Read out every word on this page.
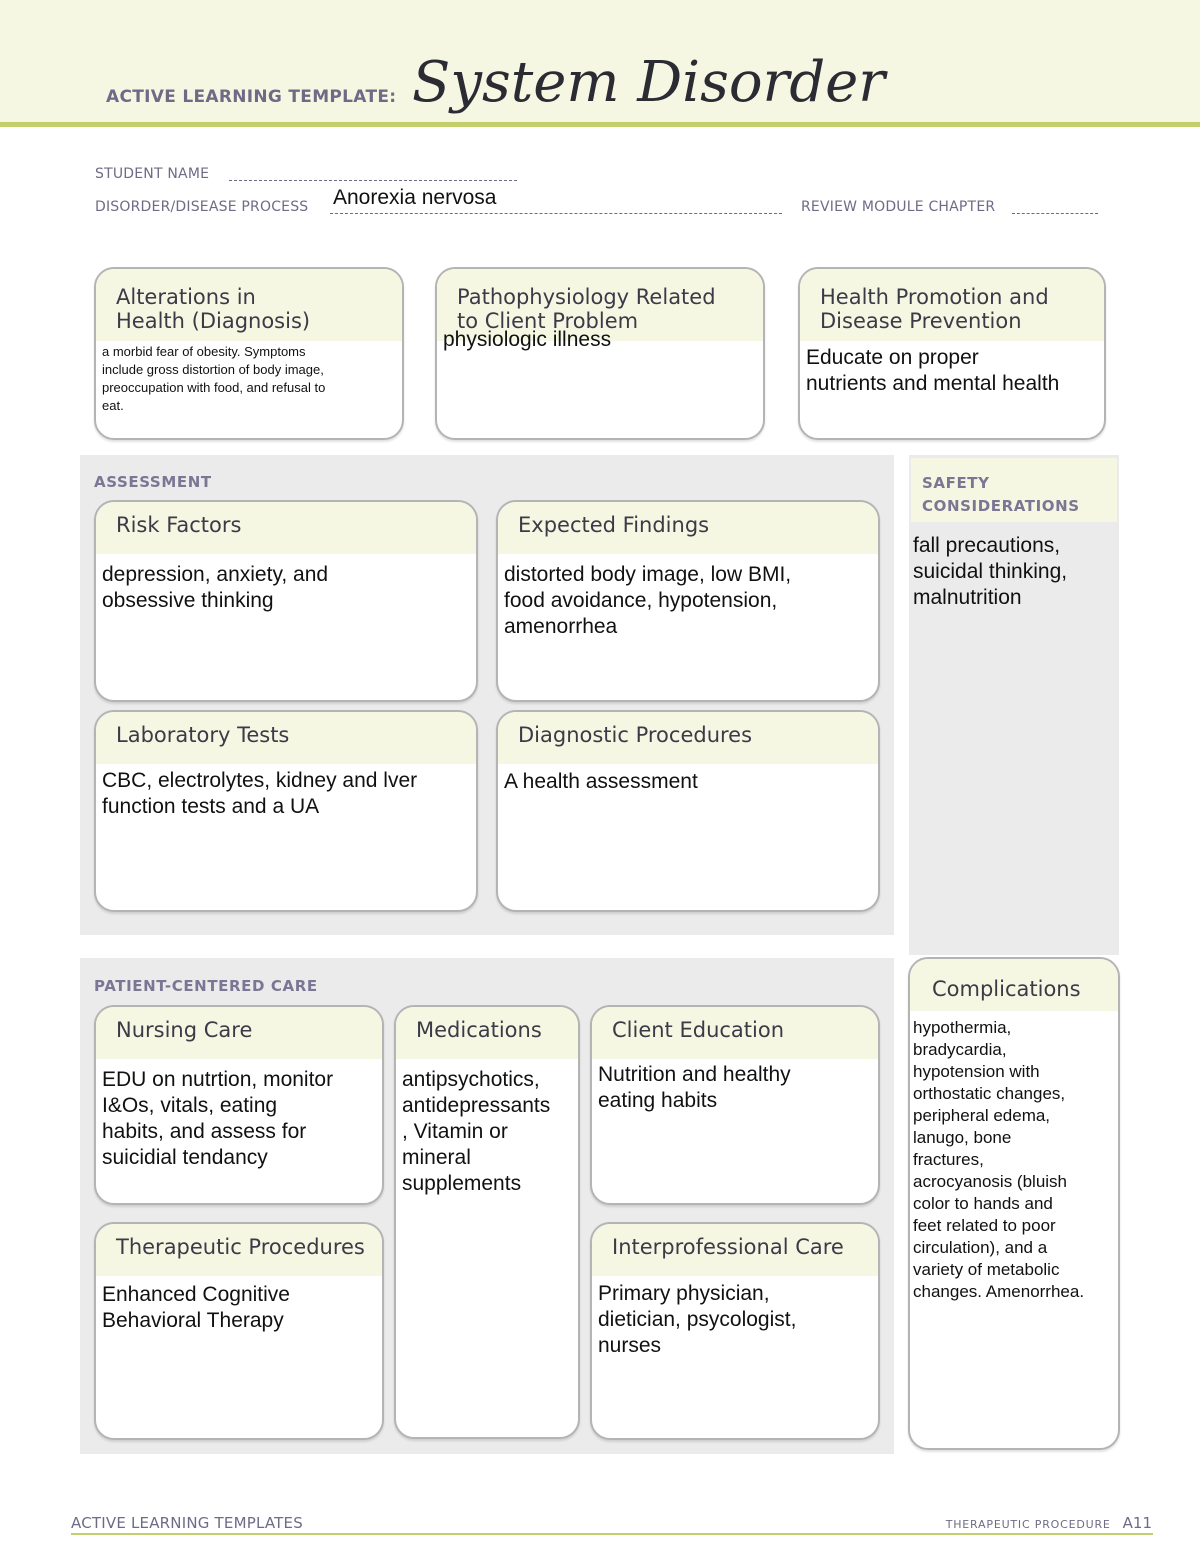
ACTIVE LEARNING TEMPLATE: System Disorder
STUDENT NAME
DISORDER/DISEASE PROCESS Anorexia nervosa	REVIEW MODULE CHAPTER
Alterations in
Health (Diagnosis)
a morbid fear of obesity. Symptoms
include gross distortion of body image,
preoccupation with food, and refusal to
eat.
Pathophysiology Related
to Client Problem
physiologic illness
Health Promotion and
Disease Prevention
Educate on proper
nutrients and mental health
ASSESSMENT
Risk Factors
depression, anxiety, and
obsessive thinking
Expected Findings
distorted body image, low BMI,
food avoidance, hypotension,
amenorrhea
Laboratory Tests
CBC, electrolytes, kidney and lver
function tests and a UA
Diagnostic Procedures
A health assessment
SAFETY
CONSIDERATIONS
fall precautions,
suicidal thinking,
malnutrition
PATIENT-CENTERED CARE
Nursing Care
EDU on nutrtion, monitor
I&Os, vitals, eating
habits, and assess for
suicidial tendancy
Medications
antipsychotics,
antidepressants
, Vitamin or
mineral
supplements
Client Education
Nutrition and healthy
eating habits
Therapeutic Procedures
Enhanced Cognitive
Behavioral Therapy
Interprofessional Care
Primary physician,
dietician, psycologist,
nurses
Complications
hypothermia,
bradycardia,
hypotension with
orthostatic changes,
peripheral edema,
lanugo, bone
fractures,
acrocyanosis (bluish
color to hands and
feet related to poor
circulation), and a
variety of metabolic
changes. Amenorrhea.
ACTIVE LEARNING TEMPLATES	THERAPEUTIC PROCEDURE A11
